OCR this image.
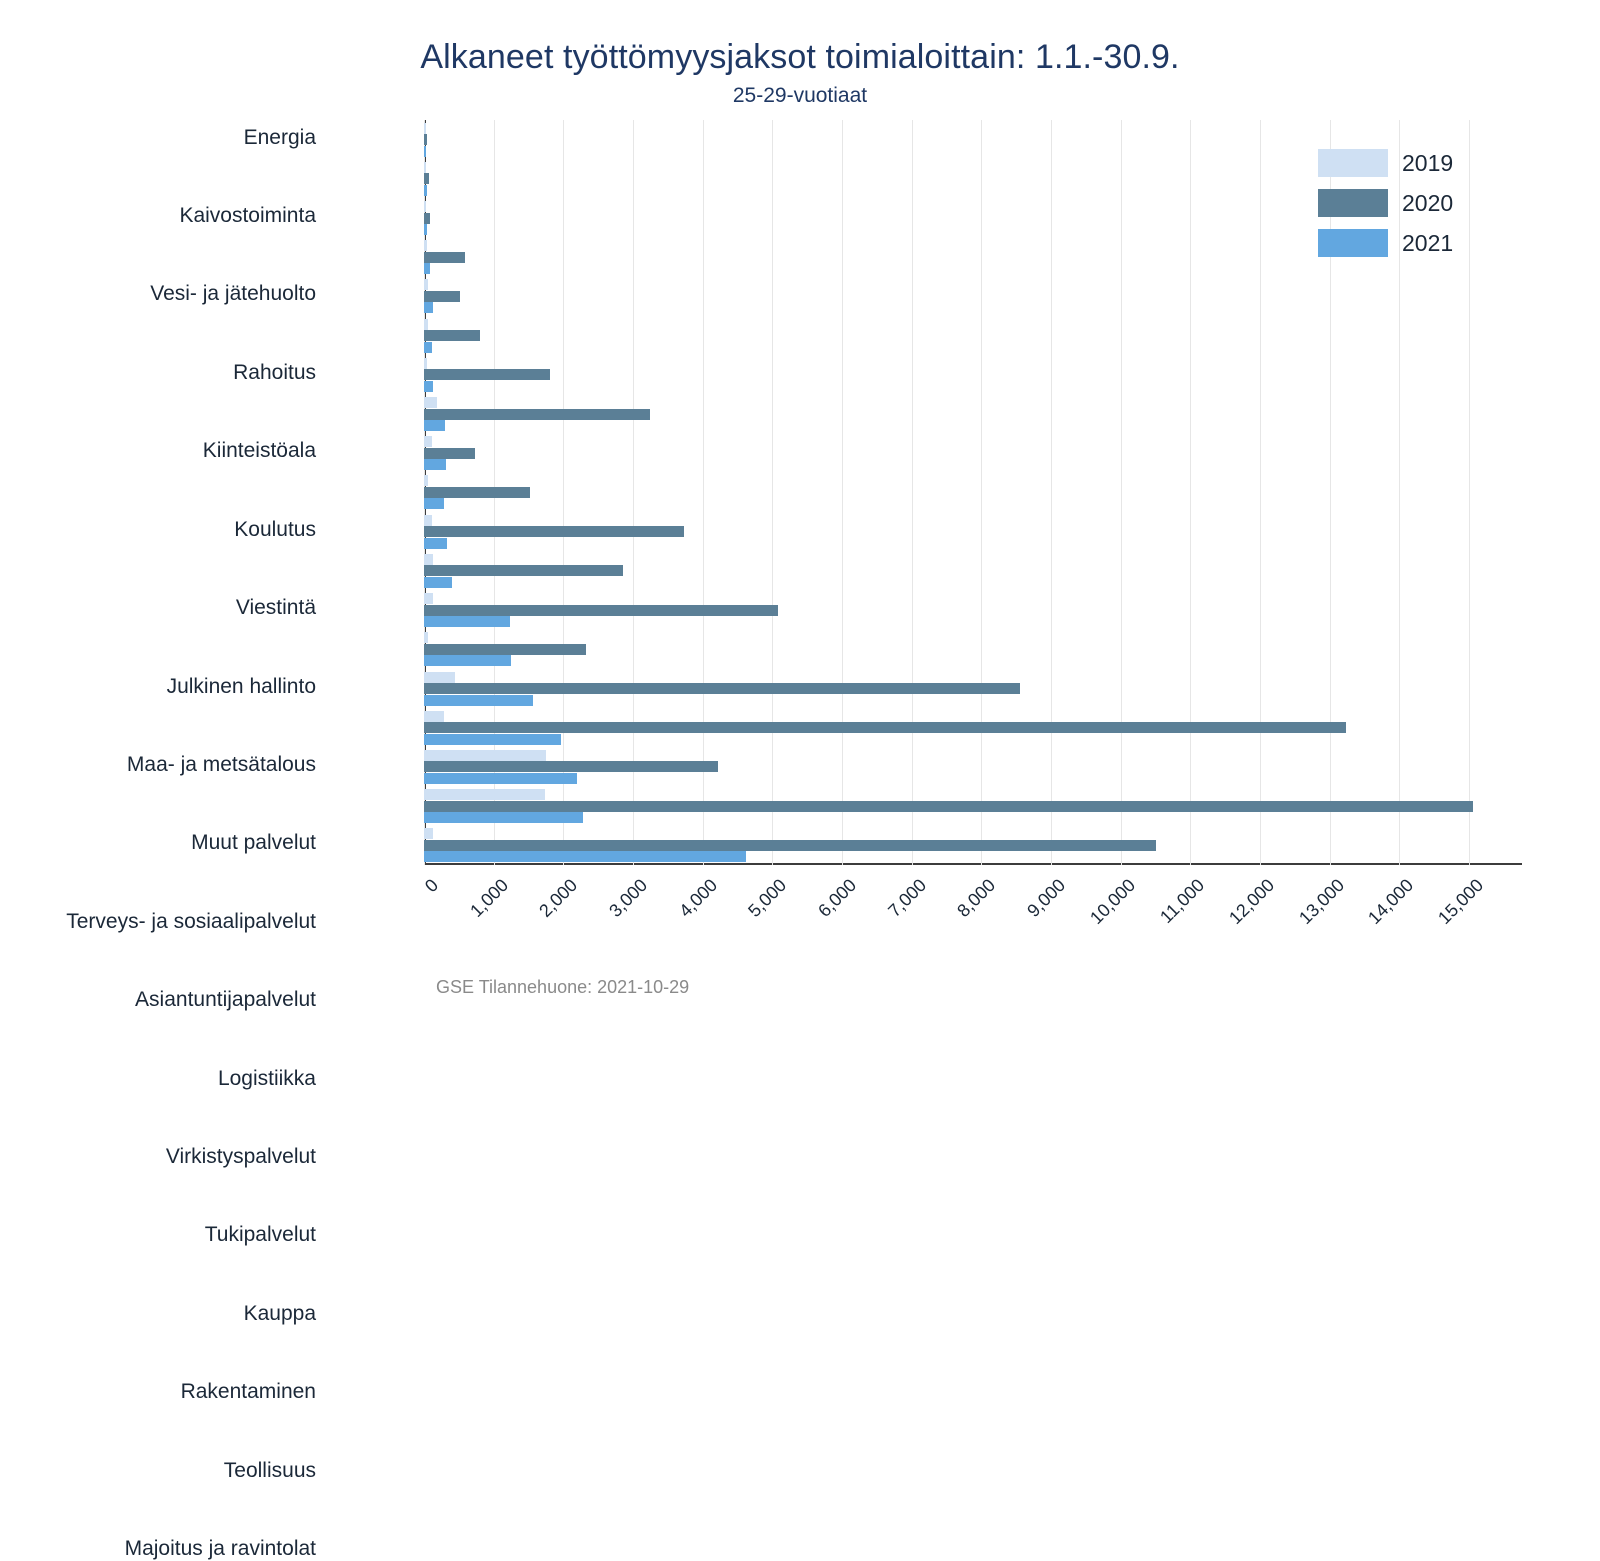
Alkaneet työttömyysjaksot toimialoittain: 1.1.-30.9.
25-29-vuotiaat
0	1,000	2,000	3,000	4,000	5,000	6,000	7,000	8,000	9,000 10,000 11,000 12,000 13,000 14,000 15,000
Energia
Kaivostoiminta
Vesi- ja jätehuolto
Rahoitus
Kiinteistöala
Koulutus
Viestintä
Julkinen hallinto
Maa- ja metsätalous
Muut palvelut
Terveys- ja sosiaalipalvelut
Asiantuntijapalvelut
Logistiikka
Virkistyspalvelut
Tukipalvelut
Kauppa
Rakentaminen
Teollisuus
Majoitus ja ravintolat
2019
2020
2021
GSE Tilannehuone: 2021-10-29
